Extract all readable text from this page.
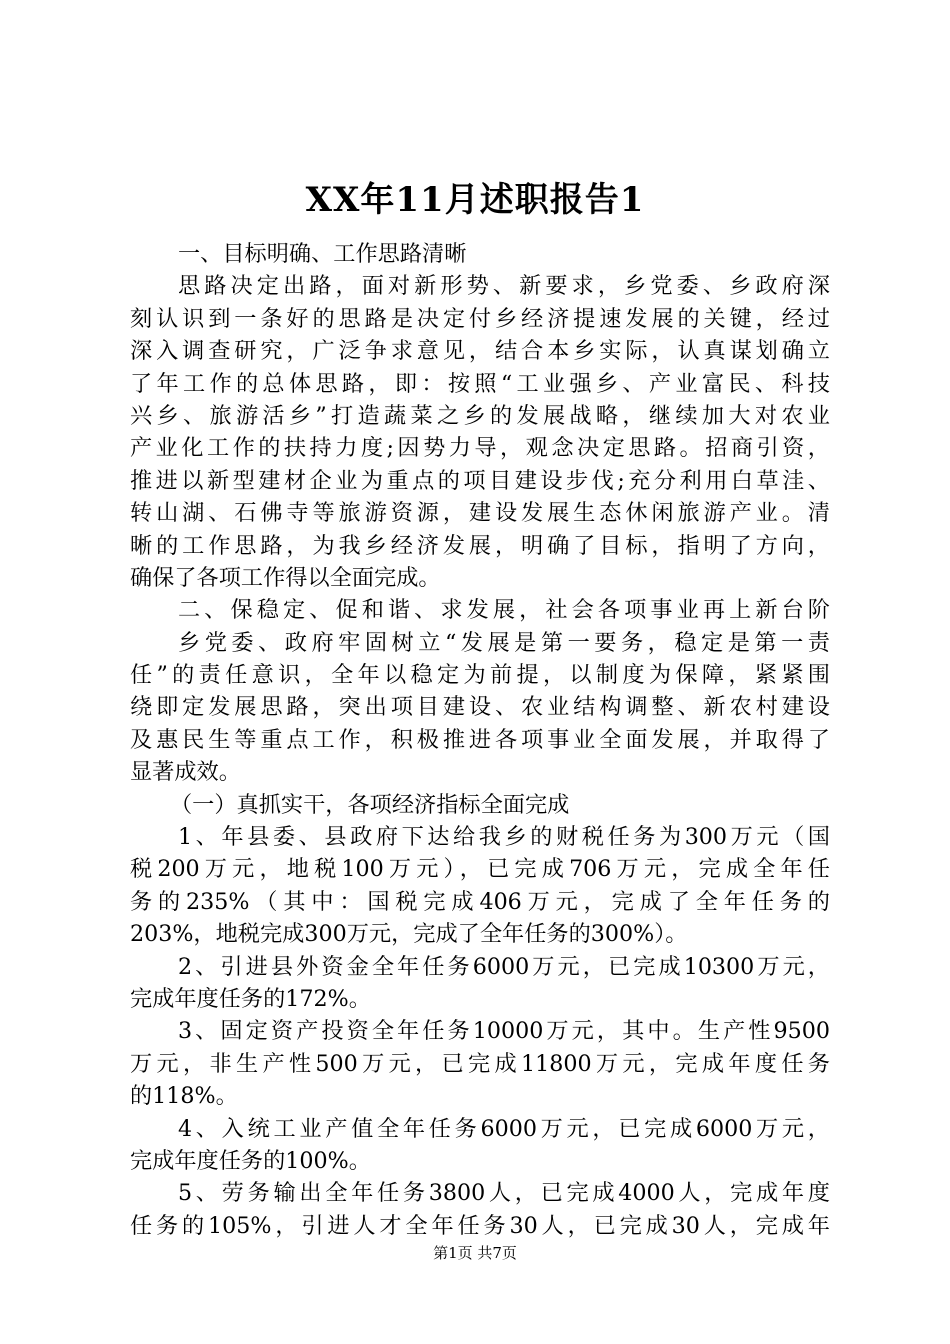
XX年11月述职报告1
一、目标明确、工作思路清晰
思路决定出路，面对新形势、新要求，乡党委、乡政府深
刻认识到一条好的思路是决定付乡经济提速发展的关键，经过
深入调查研究，广泛争求意见，结合本乡实际，认真谋划确立
了年工作的总体思路，即：按照“工业强乡、产业富民、科技
兴乡、旅游活乡”打造蔬菜之乡的发展战略，继续加大对农业
产业化工作的扶持力度;因势力导，观念决定思路。招商引资，
推进以新型建材企业为重点的项目建设步伐;充分利用白草洼、
转山湖、石佛寺等旅游资源，建设发展生态休闲旅游产业。清
晰的工作思路，为我乡经济发展，明确了目标，指明了方向，
确保了各项工作得以全面完成。
二、保稳定、促和谐、求发展，社会各项事业再上新台阶
乡党委、政府牢固树立“发展是第一要务，稳定是第一责
任”的责任意识，全年以稳定为前提，以制度为保障，紧紧围
绕即定发展思路，突出项目建设、农业结构调整、新农村建设
及惠民生等重点工作，积极推进各项事业全面发展，并取得了
显著成效。
（一）真抓实干，各项经济指标全面完成
1、年县委、县政府下达给我乡的财税任务为300万元（国
税200万元，地税100万元），已完成706万元，完成全年任
务的235%（其中：国税完成406万元，完成了全年任务的
203%，地税完成300万元，完成了全年任务的300%）。
2、引进县外资金全年任务6000万元，已完成10300万元，
完成年度任务的172%。
3、固定资产投资全年任务10000万元，其中。生产性9500
万元，非生产性500万元，已完成11800万元，完成年度任务
的118%。
4、入统工业产值全年任务6000万元，已完成6000万元，
完成年度任务的100%。
5、劳务输出全年任务3800人，已完成4000人，完成年度
任务的105%，引进人才全年任务30人，已完成30人，完成年
第1页 共7页
